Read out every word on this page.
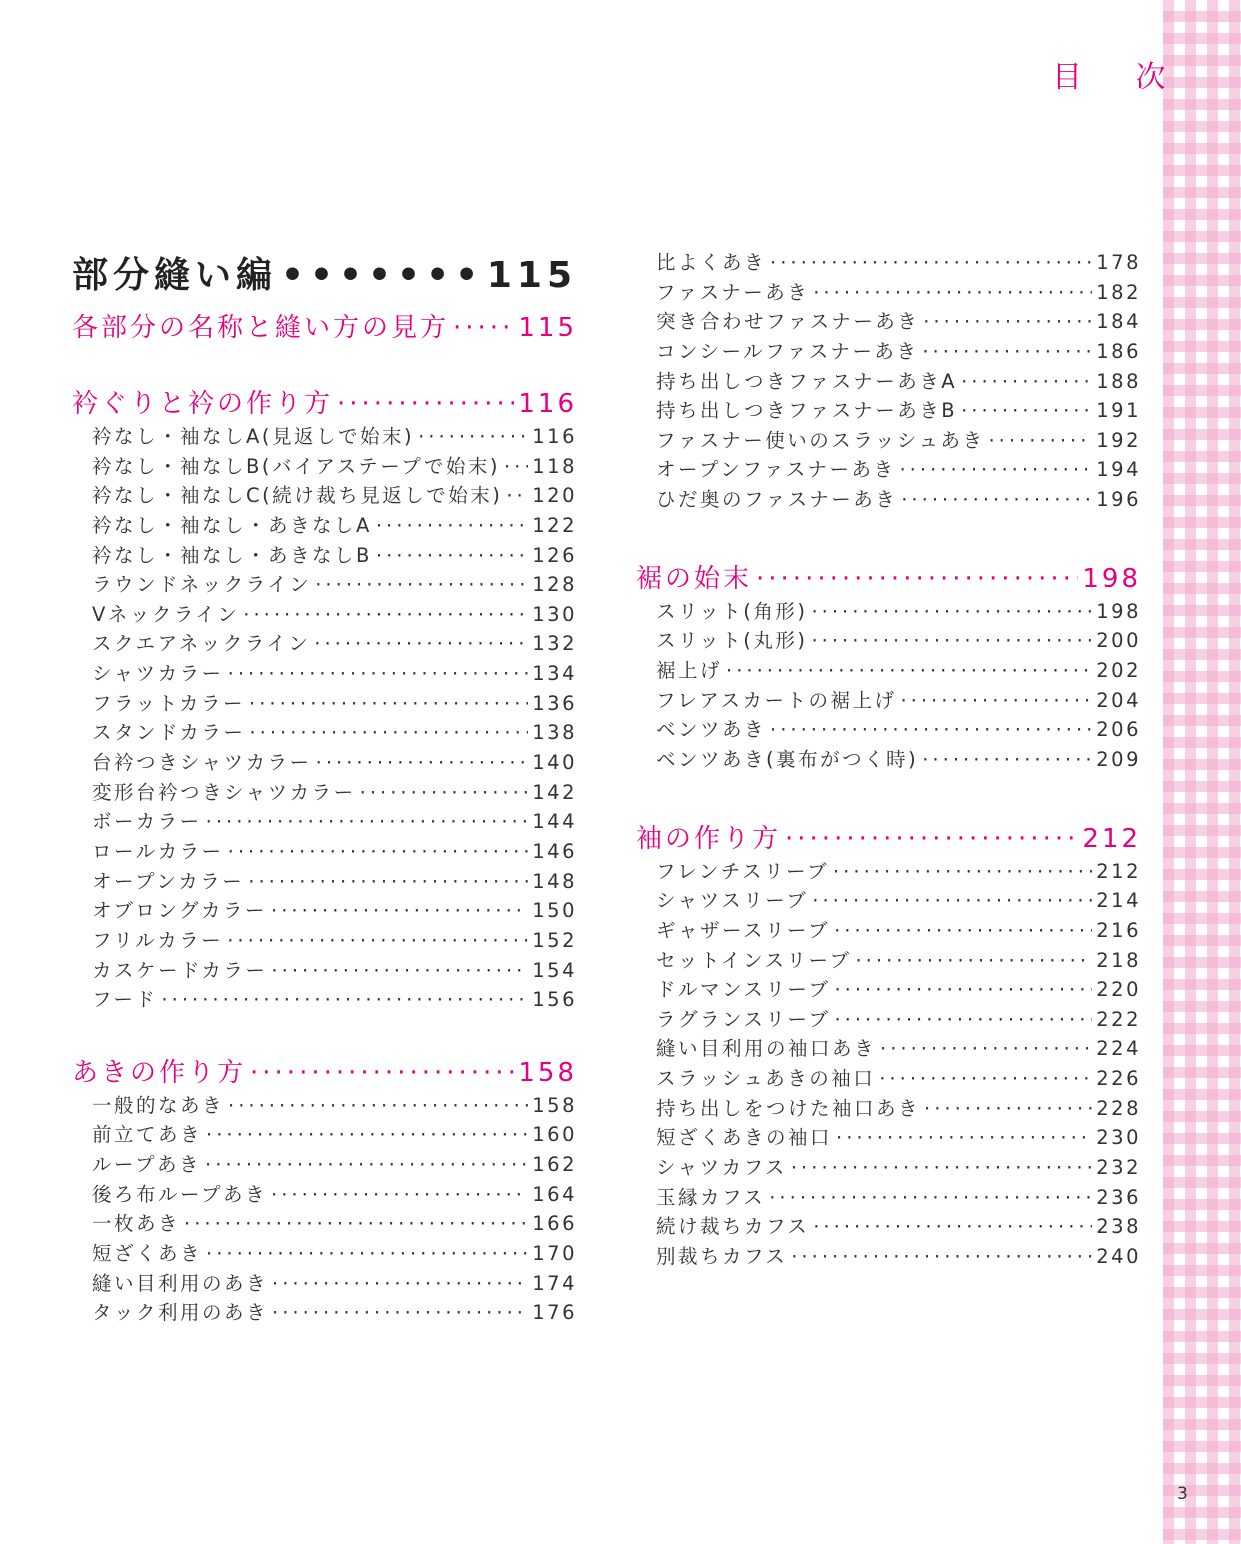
目 次
3
部分縫い編 •••••	115
各部分の名称と縫い方の見方 ·····	115
衿ぐりと衿の作り方 ·····	116
衿なし・袖なしA(見返しで始末) ·····	116
衿なし・袖なしB(バイアステープで始末) ····· 118
衿なし・袖なしC(続け裁ち見返しで始末) ····· 120
衿なし・袖なし・あきなしA ·····	122
衿なし・袖なし・あきなしB ·····	126
ラウンドネックライン ·····	128
Vネックライン ·····	130
スクエアネックライン ·····	132
シャツカラー ·····	134
フラットカラー ·····	136
スタンドカラー ·····	138
台衿つきシャツカラー ·····	140
変形台衿つきシャツカラー ·····	142
ボーカラー ·····	144
ロールカラー ·····	146
オープンカラー ·····	148
オブロングカラー ·····	150
フリルカラー ·····	152
カスケードカラー ·····	154
フード ·····	156
あきの作り方 ·····	158
一般的なあき ·····	158
前立てあき ·····	160
ループあき ·····	162
後ろ布ループあき ·····	164
一枚あき ·····	166
短ざくあき ·····	170
縫い目利用のあき ·····	174
タック利用のあき ·····	176
比よくあき ·····	178
ファスナーあき ·····	182
突き合わせファスナーあき ·····	184
コンシールファスナーあき ·····	186
持ち出しつきファスナーあきA ·····	188
持ち出しつきファスナーあきB ·····	191
ファスナー使いのスラッシュあき ·····	192
オープンファスナーあき ·····	194
ひだ奥のファスナーあき ·····	196
裾の始末 ·····	198
スリット(角形) ·····	198
スリット(丸形) ·····	200
裾上げ ·····	202
フレアスカートの裾上げ ·····	204
ベンツあき ·····	206
ベンツあき(裏布がつく時) ·····	209
袖の作り方 ·····	212
フレンチスリーブ ·····	212
シャツスリーブ ·····	214
ギャザースリーブ ·····	216
セットインスリーブ ·····	218
ドルマンスリーブ ·····	220
ラグランスリーブ ·····	222
縫い目利用の袖口あき ·····	224
スラッシュあきの袖口 ·····	226
持ち出しをつけた袖口あき ·····	228
短ざくあきの袖口 ·····	230
シャツカフス ·····	232
玉縁カフス ·····	236
続け裁ちカフス ·····	238
別裁ちカフス ·····	240
